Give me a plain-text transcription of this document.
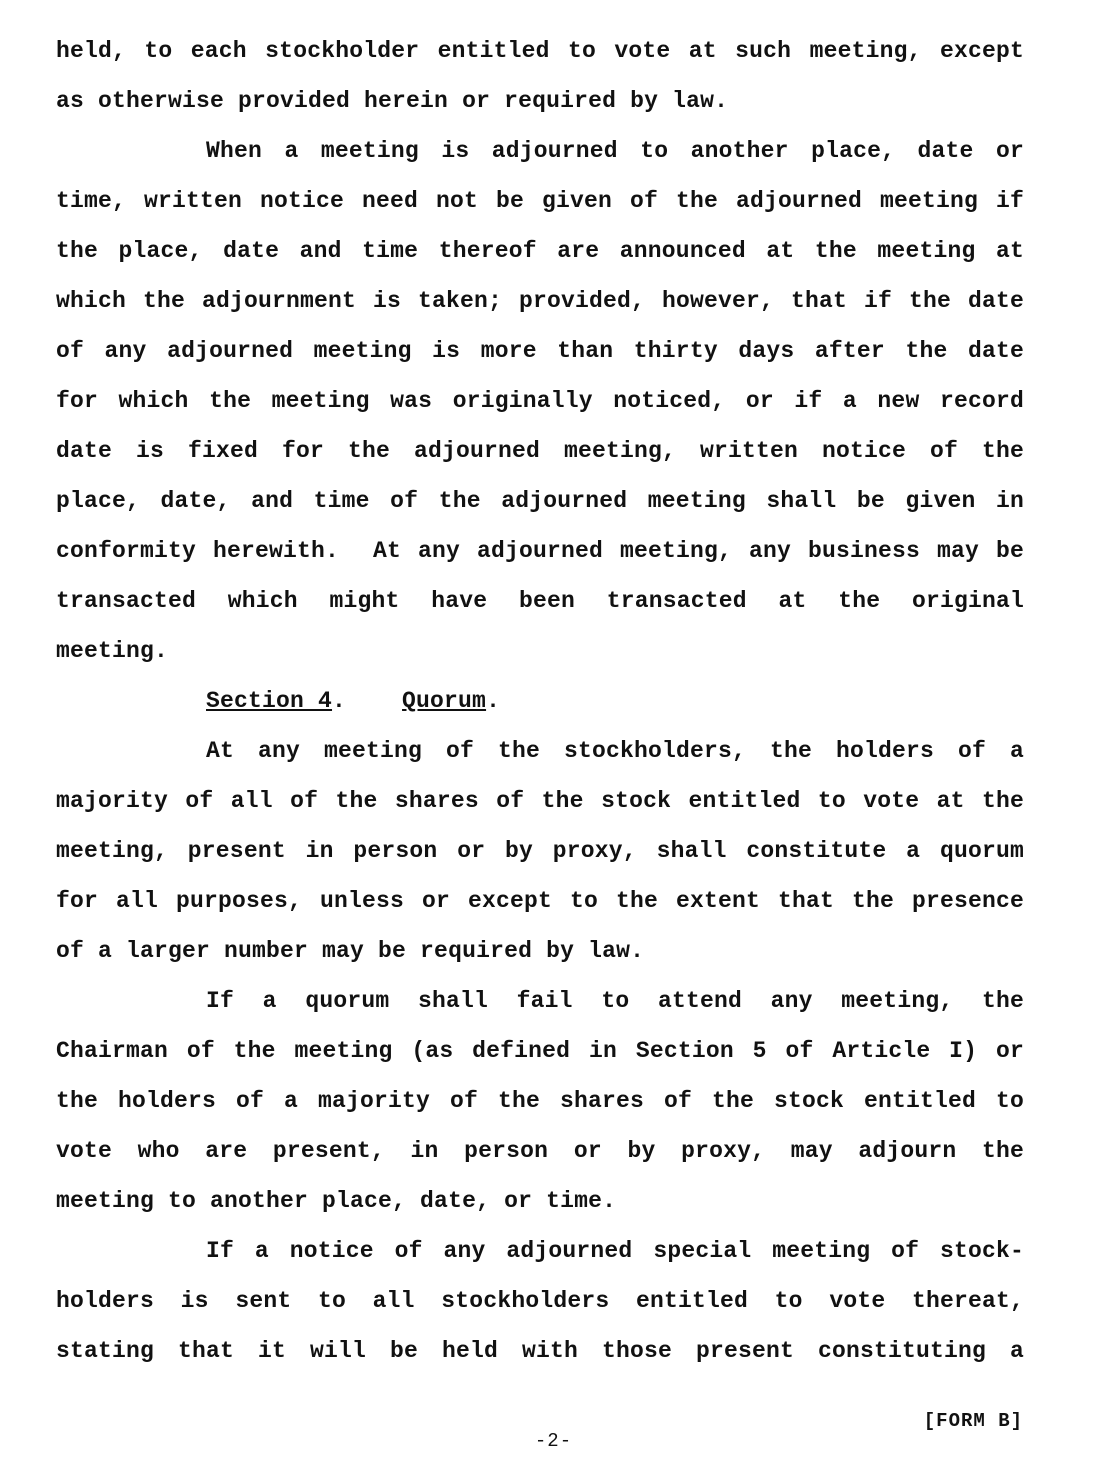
held, to each stockholder entitled to vote at such meeting, except
as otherwise provided herein or required by law.
When a meeting is adjourned to another place, date or
time, written notice need not be given of the adjourned meeting if
the place, date and time thereof are announced at the meeting at
which the adjournment is taken; provided, however, that if the date
of any adjourned meeting is more than thirty days after the date
for which the meeting was originally noticed, or if a new record
date is fixed for the adjourned meeting, written notice of the
place, date, and time of the adjourned meeting shall be given in
conformity herewith.  At any adjourned meeting, any business may be
transacted which might have been transacted at the original
meeting.
Section 4.    Quorum.
At any meeting of the stockholders, the holders of a
majority of all of the shares of the stock entitled to vote at the
meeting, present in person or by proxy, shall constitute a quorum
for all purposes, unless or except to the extent that the presence
of a larger number may be required by law.
If a quorum shall fail to attend any meeting, the
Chairman of the meeting (as defined in Section 5 of Article I) or
the holders of a majority of the shares of the stock entitled to
vote who are present, in person or by proxy, may adjourn the
meeting to another place, date, or time.
If a notice of any adjourned special meeting of stock-
holders is sent to all stockholders entitled to vote thereat,
stating that it will be held with those present constituting a
[FORM B]
-2-
